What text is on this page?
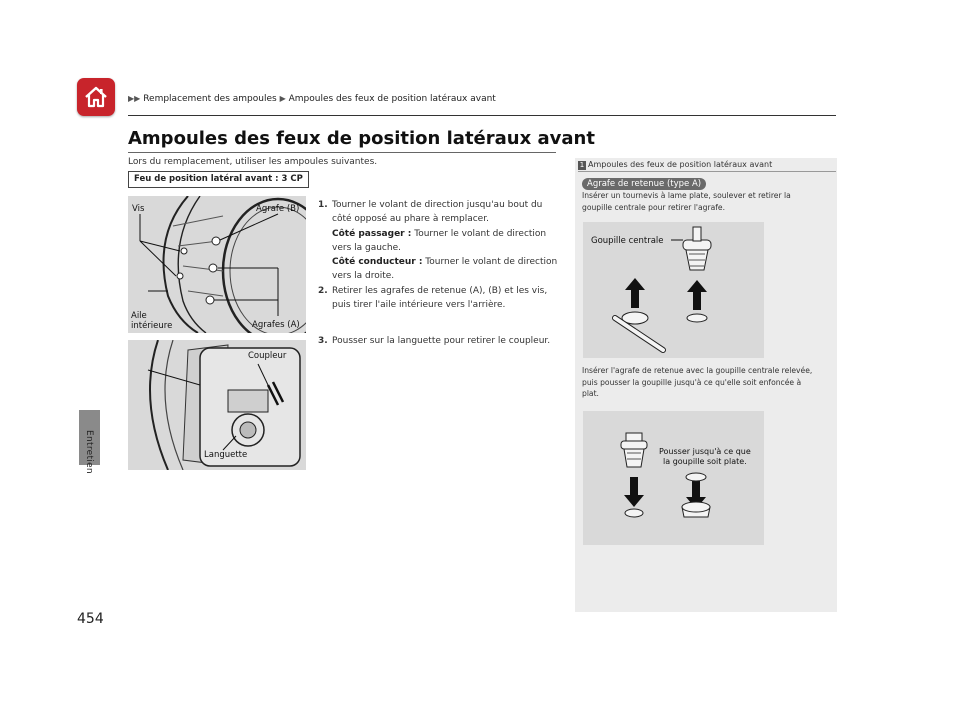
▶▶ Remplacement des ampoules ▶ Ampoules des feux de position latéraux avant
Entretien
454
Ampoules des feux de position latéraux avant
Lors du remplacement, utiliser les ampoules suivantes.
Feu de position latéral avant : 3 CP
Vis	Agrafe (B)
Aile
intérieure	Agrafes (A)
Coupleur
Languette
1. Tourner le volant de direction jusqu'au bout du
côté opposé au phare à remplacer.
Côté passager : Tourner le volant de direction
vers la gauche.
Côté conducteur : Tourner le volant de direction
vers la droite.
2. Retirer les agrafes de retenue (A), (B) et les vis,
puis tirer l'aile intérieure vers l'arrière.
3. Pousser sur la languette pour retirer le coupleur.
1 Ampoules des feux de position latéraux avant
Agrafe de retenue (type A)
Insérer un tournevis à lame plate, soulever et retirer la
goupille centrale pour retirer l'agrafe.
Goupille centrale
Insérer l'agrafe de retenue avec la goupille centrale relevée,
puis pousser la goupille jusqu'à ce qu'elle soit enfoncée à
plat.
Pousser jusqu'à ce que
la goupille soit plate.
